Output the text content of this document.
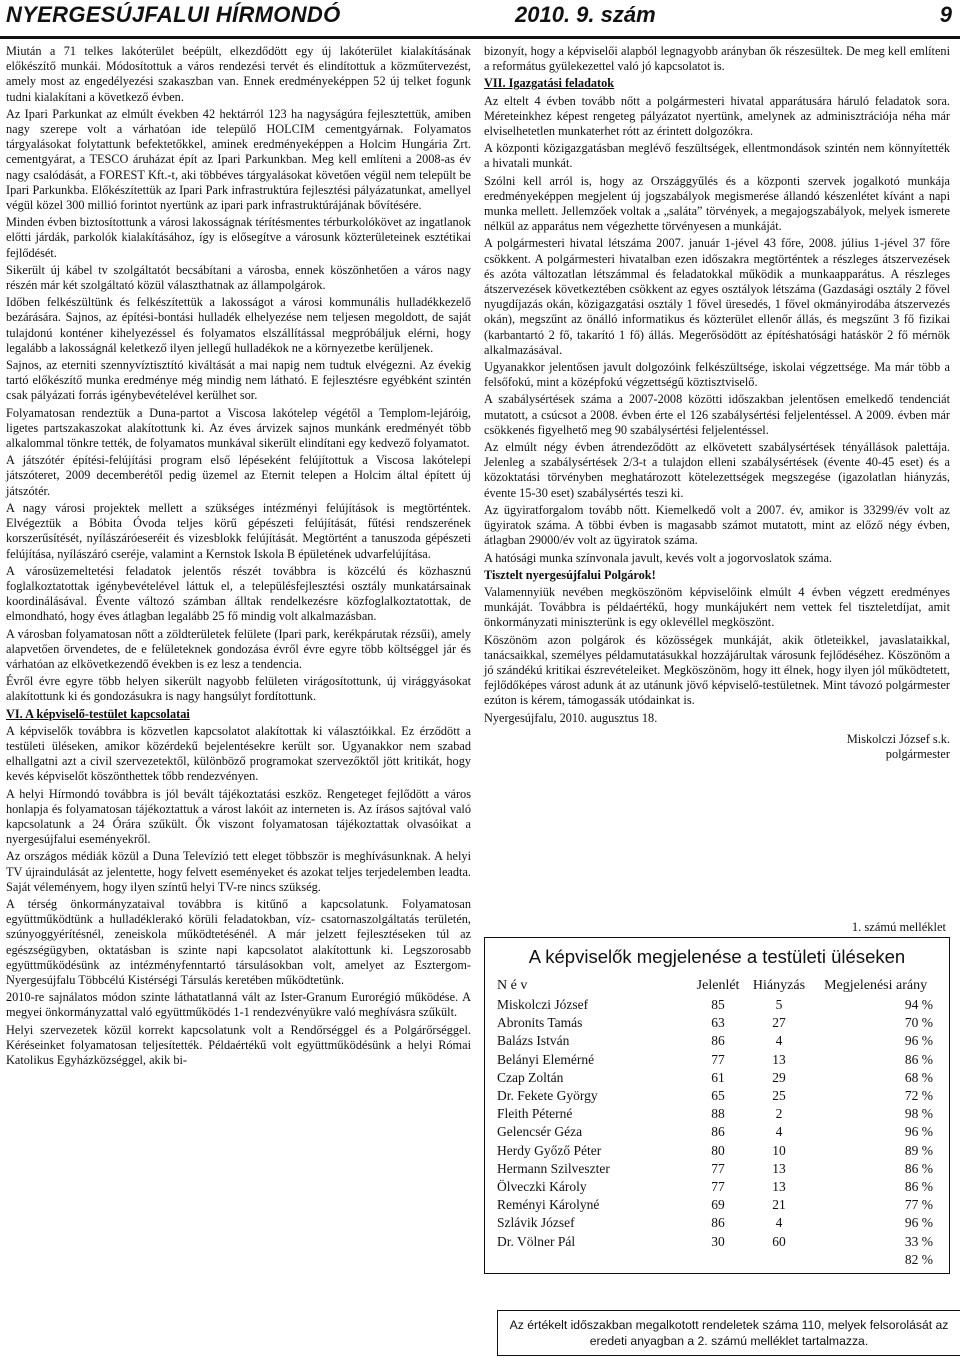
NYERGESÚJFALUI HÍRMONDÓ	2010. 9. szám	9

Miután a 71 telkes lakóterület beépült, elkezdődött egy új lakóterület kialakításának előkészítő munkái. Módosítottuk a város rendezési tervét és elindítottuk a közműtervezést, amely most az engedélyezési szakaszban van. Ennek eredményeképpen 52 új telket fogunk tudni kialakítani a következő évben.

Az Ipari Parkunkat az elmúlt években 42 hektárról 123 ha nagyságúra fejlesztettük, amiben nagy szerepe volt a várhatóan ide települő HOLCIM cementgyárnak. Folyamatos tárgyalásokat folytattunk befektetőkkel, aminek eredményeképpen a Holcim Hungária Zrt. cementgyárat, a TESCO áruházat épít az Ipari Parkunkban. Meg kell említeni a 2008-as év nagy csalódását, a FOREST Kft.-t, aki többéves tárgyalásokat követően végül nem települt be Ipari Parkunkba. Előkészítettük az Ipari Park infrastruktúra fejlesztési pályázatunkat, amellyel végül közel 300 millió forintot nyertünk az ipari park infrastruktúrájának bővítésére.

Minden évben biztosítottunk a városi lakosságnak térítésmentes térburkolókövet az ingatlanok előtti járdák, parkolók kialakításához, így is elősegítve a városunk közterületeinek esztétikai fejlődését.

Sikerült új kábel tv szolgáltatót becsábítani a városba, ennek köszönhetően a város nagy részén már két szolgáltató közül választhatnak az állampolgárok.

Időben felkészültünk és felkészítettük a lakosságot a városi kommunális hulladékkezelő bezárására. Sajnos, az építési-bontási hulladék elhelyezése nem teljesen megoldott, de saját tulajdonú konténer kihelyezéssel és folyamatos elszállítással megpróbáljuk elérni, hogy legalább a lakosságnál keletkező ilyen jellegű hulladékok ne a környezetbe kerüljenek.

Sajnos, az eterniti szennyvíztisztító kiváltását a mai napig nem tudtuk elvégezni. Az évekig tartó előkészítő munka eredménye még mindig nem látható. E fejlesztésre egyébként szintén csak pályázati forrás igénybevételével kerülhet sor.

Folyamatosan rendeztük a Duna-partot a Viscosa lakótelep végétől a Templom-lejáróig, ligetes partszakaszokat alakítottunk ki. Az éves árvizek sajnos munkánk eredményét több alkalommal tönkre tették, de folyamatos munkával sikerült elindítani egy kedvező folyamatot.

A játszótér építési-felújítási program első lépéseként felújítottuk a Viscosa lakótelepi játszóteret, 2009 decemberétől pedig üzemel az Eternit telepen a Holcim által épített új játszótér.

A nagy városi projektek mellett a szükséges intézményi felújítások is megtörténtek. Elvégeztük a Bóbita Óvoda teljes körű gépészeti felújítását, fűtési rendszerének korszerűsítését, nyílászáróeseréit és vizesblokk felújítását. Megtörtént a tanuszoda gépészeti felújítása, nyílászáró cseréje, valamint a Kernstok Iskola B épületének udvarfelújítása.

A városüzemeltetési feladatok jelentős részét továbbra is közcélú és közhasznú foglalkoztatottak igénybevételével láttuk el, a településfejlesztési osztály munkatársainak koordinálásával. Évente változó számban álltak rendelkezésre közfoglalkoztatottak, de elmondható, hogy éves átlagban legalább 25 fő mindig volt alkalmazásban.

A városban folyamatosan nőtt a zöldterületek felülete (Ipari park, kerékpárutak rézsűi), amely alapvetően örvendetes, de e felületeknek gondozása évről évre egyre több költséggel jár és várhatóan az elkövetkezendő években is ez lesz a tendencia.

Évről évre egyre több helyen sikerült nagyobb felületen virágosítottunk, új virággyásokat alakítottunk ki és gondozásukra is nagy hangsúlyt fordítottunk.

VI. A képviselő-testület kapcsolatai

A képviselők továbbra is közvetlen kapcsolatot alakítottak ki választóikkal. Ez érződött a testületi üléseken, amikor közérdekű bejelentésekre került sor. Ugyanakkor nem szabad elhallgatni azt a civil szervezetektől, különböző programokat szervezőktől jött kritikát, hogy kevés képviselőt köszönthettek tőbb rendezvényen.

A helyi Hírmondó továbbra is jól bevált tájékoztatási eszköz. Rengeteget fejlődött a város honlapja és folyamatosan tájékoztattuk a várost lakóit az interneten is. Az írásos sajtóval való kapcsolatunk a 24 Órára szűkült. Ők viszont folyamatosan tájékoztattak olvasóikat a nyergesújfalui eseményekről.

Az országos médiák közül a Duna Televízió tett eleget többször is meghívásunknak. A helyi TV újraindulását az jelentette, hogy felvett eseményeket és azokat teljes terjedelemben leadta. Saját véleményem, hogy ilyen színtű helyi TV-re nincs szükség.

A térség önkormányzataival továbbra is kitűnő a kapcsolatunk. Folyamatosan együttműködtünk a hulladéklerakó körüli feladatokban, víz- csatornaszolgáltatás területén, szúnyoggyérítésnél, zeneiskola működtetésénél. A már jelzett fejlesztéseken túl az egészségügyben, oktatásban is szinte napi kapcsolatot alakítottunk ki. Legszorosabb együttműködésünk az intézményfenntartó társulásokban volt, amelyet az Esztergom-Nyergesújfalu Többcélú Kistérségi Társulás keretében működtetünk.

2010-re sajnálatos módon szinte láthatatlanná vált az Ister-Granum Eurorégió működése. A megyei önkormányzattal való együttműködés 1-1 rendezvényükre való meghívásra szűkült.

Helyi szervezetek közül korrekt kapcsolatunk volt a Rendőrséggel és a Polgárőrséggel. Kéréseinket folyamatosan teljesítették. Példaértékű volt együttműködésünk a helyi Római Katolikus Egyházközséggel, akik bi-

bizonyít, hogy a képviselői alapból legnagyobb arányban ők részesültek. De meg kell említeni a református gyülekezettel való jó kapcsolatot is.

VII. Igazgatási feladatok

Az eltelt 4 évben tovább nőtt a polgármesteri hivatal apparátusára háruló feladatok sora. Méreteinkhez képest rengeteg pályázatot nyertünk, amelynek az adminisztrációja néha már elviselhetetlen munkaterhet rótt az érintett dolgozókra.

A központi közigazgatásban meglévő feszültségek, ellentmondások szintén nem könnyítették a hivatali munkát.

Szólni kell arról is, hogy az Országgyűlés és a központi szervek jogalkotó munkája eredményeképpen megjelent új jogszabályok megismerése állandó készenlétet kívánt a napi munka mellett. Jellemzőek voltak a „saláta” törvények, a megajogszabályok, melyek ismerete nélkül az apparátus nem végezhette törvényesen a munkáját.

A polgármesteri hivatal létszáma 2007. január 1-jével 43 főre, 2008. július 1-jével 37 főre csökkent. A polgármesteri hivatalban ezen időszakra megtörténtek a részleges átszervezések és azóta változatlan létszámmal és feladatokkal működik a munkaapparátus. A részleges átszervezések következtében csökkent az egyes osztályok létszáma (Gazdasági osztály 2 fővel nyugdíjazás okán, közigazgatási osztály 1 fővel üresedés, 1 fővel okmányirodába átszervezés okán), megszűnt az önálló informatikus és közterület ellenőr állás, és megszűnt 3 fő fizikai (karbantartó 2 fő, takarító 1 fő) állás. Megerősödött az építéshatósági hatáskör 2 fő mérnök alkalmazásával.

Ugyanakkor jelentősen javult dolgozóink felkészültsége, iskolai végzettsége. Ma már több a felsőfokú, mint a középfokú végzettségű köztisztviselő.

A szabálysértések száma a 2007-2008 közötti időszakban jelentősen emelkedő tendenciát mutatott, a csúcsot a 2008. évben érte el 126 szabálysértési feljelentéssel. A 2009. évben már csökkenés figyelhető meg 90 szabálysértési feljelentéssel.

Az elmúlt négy évben átrendeződött az elkövetett szabálysértések tényállások palettája. Jelenleg a szabálysértések 2/3-t a tulajdon elleni szabálysértések (évente 40-45 eset) és a közoktatási törvényben meghatározott kötelezettségek megszegése (igazolatlan hiányzás, évente 15-30 eset) szabálysértés teszi ki.

Az ügyiratforgalom tovább nőtt. Kiemelkedő volt a 2007. év, amikor is 33299/év volt az ügyiratok száma. A többi évben is magasabb számot mutatott, mint az előző négy évben, átlagban 29000/év volt az ügyiratok száma.

A hatósági munka színvonala javult, kevés volt a jogorvoslatok száma.

Tisztelt nyergesújfalui Polgárok!

Valamennyiük nevében megköszönöm képviselőink elmúlt 4 évben végzett eredményes munkáját. Továbbra is példaértékű, hogy munkájukért nem vettek fel tiszteletdíjat, amit önkormányzati miniszterünk is egy oklevéllel megköszönt.

Köszönöm azon polgárok és közösségek munkáját, akik ötleteikkel, javaslataikkal, tanácsaikkal, személyes példamutatásukkal hozzájárultak városunk fejlődéséhez. Köszönöm a jó szándékú kritikai észrevételeiket. Megköszönöm, hogy itt élnek, hogy ilyen jól működtetett, fejlődőképes várost adunk át az utánunk jövő képviselő-testületnek. Mint távozó polgármester ezúton is kérem, támogassák utódainkat is.

Nyergesújfalu, 2010. augusztus 18.

Miskolczi József s.k.
polgármester
1. számú melléklet
A képviselők megjelenése a testületi üléseken
N é v	Jelenlét	Hiányzás	Megjelenési arány
Miskolczi József	85	5	94 %
Abronits Tamás	63	27	70 %
Balázs István	86	4	96 %
Belányi Elemérné	77	13	86 %
Czap Zoltán	61	29	68 %
Dr. Fekete György	65	25	72 %
Fleith Péterné	88	2	98 %
Gelencsér Géza	86	4	96 %
Herdy Győző Péter	80	10	89 %
Hermann Szilveszter	77	13	86 %
Ölveczki Károly	77	13	86 %
Reményi Károlyné	69	21	77 %
Szlávik József	86	4	96 %
Dr. Völner Pál	30	60	33 %
			82 %
Az értékelt időszakban megalkotott rendeletek száma 110, melyek felsorolását az eredeti anyagban a 2. számú melléklet tartalmazza.
